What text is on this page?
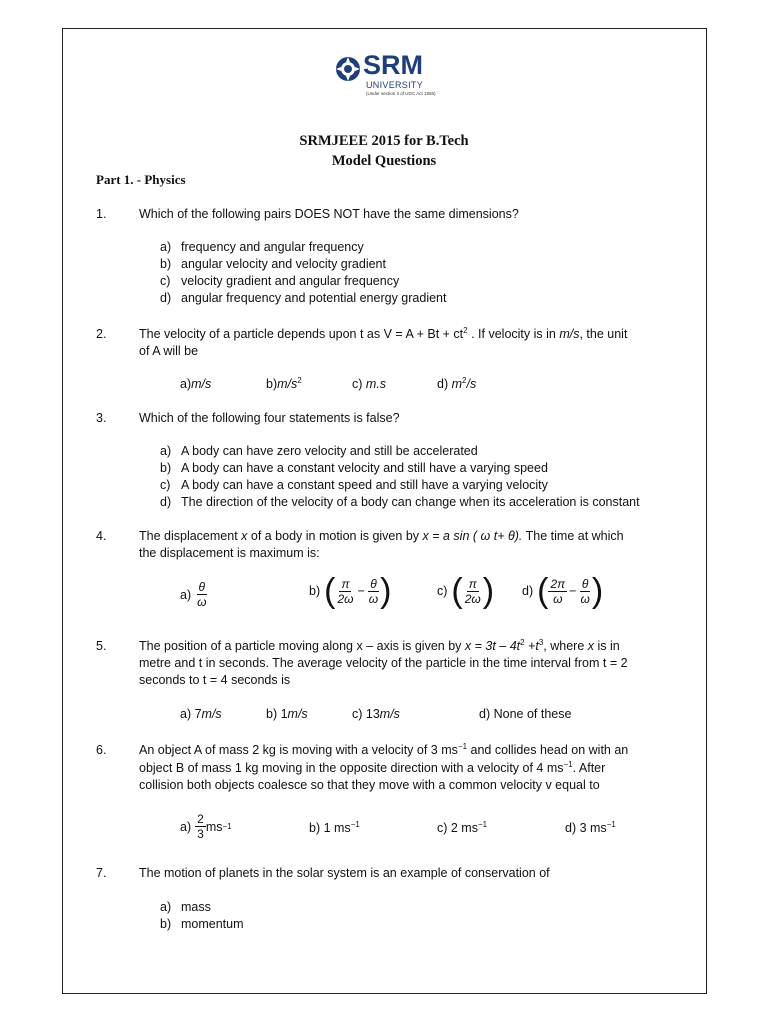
SRM
UNIVERSITY
(Under section 3 of UGC Act 1956)
SRMJEEE 2015 for B.Tech
Model Questions
Part 1. - Physics
1.	Which of the following pairs DOES NOT have the same dimensions?
a) frequency and angular frequency
b) angular velocity and velocity gradient
c) velocity gradient and angular frequency
d) angular frequency and potential energy gradient
2.	The velocity of a particle depends upon t as $V = A + Bt + ct^2$ . If velocity is in m/s, the unit
of A will be
a)m/s	$b)m/s^2$	c) m.s	d) $m^2/s$
3.	Which of the following four statements is false?
a) A body can have zero velocity and still be accelerated
b) A body can have a constant velocity and still have a varying speed
c) A body can have a constant speed and still have a varying velocity
d) The direction of the velocity of a body can change when its acceleration is constant
4.	The displacement x of a body in motion is given by x = a sin ( ω t+ θ). The time at which
the displacement is maximum is:
$a) \frac{\theta}{\omega}$	b) ( $\frac{\pi}{2\omega} - \frac{\theta}{\omega}$ )	c) ( $\frac{\pi}{2\omega}$ ) d) ( $\frac{2\pi}{\omega} - \frac{\theta}{\omega}$ )
5.	The position of a particle moving along x – axis is given by $x = 3t - 4t^2 +t^3$, where x is in
metre and t in seconds. The average velocity of the particle in the time interval from t = 2
seconds to t = 4 seconds is
a) 7m/s	b) 1m/s	c) 13m/s	d) None of these
6.	An object A of mass 2 kg is moving with a velocity of 3 $ms^{-1}$ and collides head on with an
object B of mass 1 kg moving in the opposite direction with a velocity of 4 $ms^{-1}$. After
collision both objects coalesce so that they move with a common velocity v equal to
$a) \frac{2}{3}$ ms −1	b) 1 $ms^{-1}$	c) 2 $ms^{-1}$	d) 3 $ms^{-1}$
7.	The motion of planets in the solar system is an example of conservation of
a) mass
b) momentum
